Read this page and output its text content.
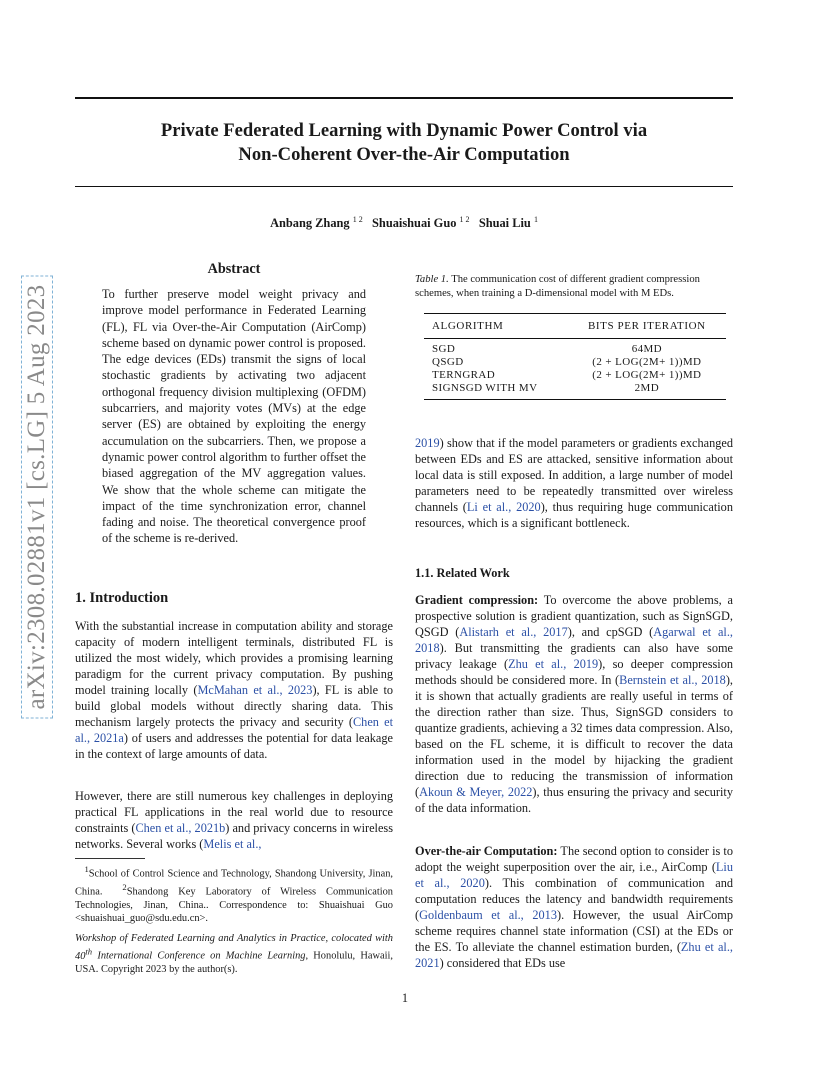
Private Federated Learning with Dynamic Power Control via
Non-Coherent Over-the-Air Computation
Anbang Zhang $^{1 2}$ Shuaishuai Guo $^{1 2}$ Shuai Liu $^1$
arXiv:2308.02881v1 [cs.LG] 5 Aug 2023
Abstract
To further preserve model weight privacy and improve model performance in Federated Learning (FL), FL via Over-the-Air Computation (AirComp) scheme based on dynamic power control is proposed. The edge devices (EDs) transmit the signs of local stochastic gradients by activating two adjacent orthogonal frequency division multiplexing (OFDM) subcarriers, and majority votes (MVs) at the edge server (ES) are obtained by exploiting the energy accumulation on the subcarriers. Then, we propose a dynamic power control algorithm to further offset the biased aggregation of the MV aggregation values. We show that the whole scheme can mitigate the impact of the time synchronization error, channel fading and noise. The theoretical convergence proof of the scheme is re-derived.
1. Introduction
With the substantial increase in computation ability and storage capacity of modern intelligent terminals, distributed FL is utilized the most widely, which provides a promising learning paradigm for the current privacy computation. By pushing model training locally (McMahan et al., 2023), FL is able to build global models without directly sharing data. This mechanism largely protects the privacy and security (Chen et al., 2021a) of users and addresses the potential for data leakage in the context of large amounts of data.
However, there are still numerous key challenges in deploying practical FL applications in the real world due to resource constraints (Chen et al., 2021b) and privacy concerns in wireless networks. Several works (Melis et al.,
$^1$School of Control Science and Technology, Shandong University, Jinan, China. $^2$Shandong Key Laboratory of Wireless Communication Technologies, Jinan, China.. Correspondence to: Shuaishuai Guo <shuaishuai_guo@sdu.edu.cn>.
Workshop of Federated Learning and Analytics in Practice, colocated with 40th International Conference on Machine Learning, Honolulu, Hawaii, USA. Copyright 2023 by the author(s).
Table 1. The communication cost of different gradient compression schemes, when training a D-dimensional model with M EDs.
ALGORITHM	BITS PER ITERATION
SGD	64MD
QSGD	(2 + LOG(2M+ 1))MD
TERNGRAD	(2 + LOG(2M+ 1))MD
SIGNSGD WITH MV	2MD
2019) show that if the model parameters or gradients exchanged between EDs and ES are attacked, sensitive information about local data is still exposed. In addition, a large number of model parameters need to be repeatedly transmitted over wireless channels (Li et al., 2020), thus requiring huge communication resources, which is a significant bottleneck.
1.1. Related Work
Gradient compression: To overcome the above problems, a prospective solution is gradient quantization, such as SignSGD, QSGD (Alistarh et al., 2017), and cpSGD (Agarwal et al., 2018). But transmitting the gradients can also have some privacy leakage (Zhu et al., 2019), so deeper compression methods should be considered more. In (Bernstein et al., 2018), it is shown that actually gradients are really useful in terms of the direction rather than size. Thus, SignSGD considers to quantize gradients, achieving a 32 times data compression. Also, based on the FL scheme, it is difficult to recover the data information used in the model by hijacking the gradient direction due to reducing the transmission of information (Akoun & Meyer, 2022), thus ensuring the privacy and security of the data information.
Over-the-air Computation: The second option to consider is to adopt the weight superposition over the air, i.e., AirComp (Liu et al., 2020). This combination of communication and computation reduces the latency and bandwidth requirements (Goldenbaum et al., 2013). However, the usual AirComp scheme requires channel state information (CSI) at the EDs or the ES. To alleviate the channel estimation burden, (Zhu et al., 2021) considered that EDs use
1
